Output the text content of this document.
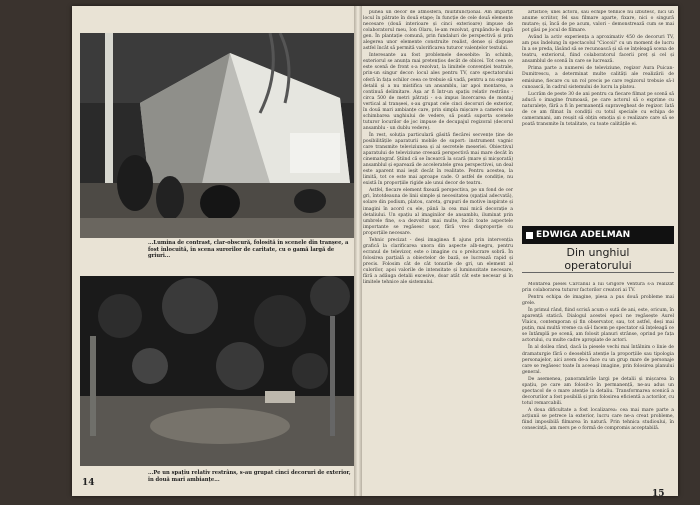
...Lumina de contrast, clar-obscură, folosită în scenele din tranșee, a fost înlocuită, în scena surorilor de caritate, cu o gamă largă de griuri...
...Pe un spațiu relativ restrâns, s-au grupat cinci decoruri de exterior, în două mari ambianțe...
14

punea un decor de atmosferă, multifuncțional. Am împărțit locul în pătrate în două etape; în funcție de cele două elemente necesare (două interioare și cinci exterioare) impuse de colaboratorul meu, Ion Olaru, le-am rezolvat, grupându-le după gen. În plantație comună, prin fundaluri de perspectivă și prin alegerea unor elemente construite realist, dense și dispuse astfel încât să permită valorificarea tuturor valențelor textului.

Interesante au fost problemele deosebite: în schimb, exteriorul se anunța mai pretențios decât de obicei. Tot ceea ce este scenă de front s-a rezolvat, la limitele convenției teatrale, prin-un singur decor: locul ales pentru TV, care spectatorului oferă în fața ochilor ceea ce trebuie să vadă, pentru a nu expune detalii și a nu mistifica un ansamblu, iar apoi montarea, a continuă delimitare. Așa ar fi într-un spațiu relativ restrâns - circa 500 de metri pătrați - s-a impus încercarea de montaj vertical al tranșeei, s-au grupat cele cinci decoruri de exterior, în două mari ambianțe care, prin simpla mișcare a camerei sau schimbarea unghiului de vedere, să poată suporta scenele tuturor locurilor de joc impuse de decupajul regizoral (decorul ansamblu - un dublu vedere).

În rest, soluția particulară găsită fiecărei secvențe ține de posibilitățile aparaturii mobile de suport: instrument vagnic care transmite televiziunea și al secretele meseriei. Obiectivul aparatului de televiziune creează perspectivă mai mare decât în cinematograf. Știind că se încearcă la scară (mare și micșorată) ansamblul și eparează de acceleratele grea perspectivei, un deal este aparent mai ieșit decât în realitate. Pentru acestea, la limită, tot ce este mai aproape cade. O astfel de condiție, nu există în proporțiile rigide ale unui decor de teatru.

Astfel, fiecare element fixează perspectiva, pe un fond de cer gri, întotdeauna de linii simple și necesitatea (spațial adecvată), solare din podium, platou, careta, grupuri de motive inspirate și imagini în acord cu ele, până la cea mai mică decorație a detaliului. Un spațiu al imaginilor de ansamblu, iluminat prin umbrele fine, s-a dezvoltat mai multe, încât toate aspectele importante se regăsesc ușor, fără vreo disproporție cu proporțiile necesare.

Tehnic precizat - deși imaginea fi ajuns prin intervenția grafică la clarificarea unora din aspecte alb-negru, pentru ecranul de televizor, este o imagine cu o prelucrare sobră. În folosirea parțială a obiectelor de bază, se lucrează rapid și precis. Folosim cât de cât tonurile de gri, un element al culorilor, apoi valorile de intensitate și luminozitate necesare, fără a adăuga detalii excesive, doar atât cât este necesar și în limitele tehnice ale sistemului.

artistice; unei actorii, sau echipe tehnice nu izbutesc, nici un anume scriitor, fel sau filmare aparte, fixare, nici o singură mutare; și, încă de pe acum, valori - demonstrează cum se mai pot găsi pe jocul de filmare.

Având la activ experiența a aproximativ 450 de decoruri TV, am pus îndelung în spectacolul "Ciocoii" cu un moment de lucru în a se preda, lăsând să se recunoască și să se înțeleagă scena de teatru, exteriorul, fiind colaboratorul facerii preț și cel și ansamblul de scenă în care se lucrează.

Prima parte a numerei de televiziune, regizor Aura Puican-Dumitrescu, a determinat multe calități ale realizării de emisiune, fiecare cu un rol precis pe care regizorul trebuie să-l cunoască, în cadrul sistemului de lucru la platou.

Lucrăm de peste 30 de ani pentru ca fiecare filmat pe scenă să aducă o imagine frumoasă, pe care actorul să o exprime cu naturalețe, fără a fi în permanență supravegheat de regizor. Iată de ce am filmat în condiții cu totul speciale cu echipa de cameramani, am reușit să obțin emoția și o realizare care să se poată transmite în totalitate, cu toate calitățile ei.

EDWIGA ADELMAN
Din unghiul
operatorului

Montarea piesei Carcanul a lui Grigore Ventura s-a realizat prin colaborarea tuturor factorilor creatori ai TV.

Pentru echipa de imagine, piesa a pus două probleme mai grele.

În primul rând, fiind scrisă acum o sută de ani, este, oricum, în aparență statică. Dialogul acestei epoci ne regăsește Aurel Vlaicu, contemporan și fin observator, sau, tot astfel, deși mai puțin, mai multă vreme ca să-l facem pe spectator să înțeleagă ce se întâmplă pe scenă, am folosit planuri strânse, oprind pe fața actorului, cu multe cadre apropiate de actori.

În al doilea rând, dacă la piesele vechi mai întâlnim o linie de dramaturgie fără o deosebită atenție la proporțiile sau tipologia personajelor, aici avem de-a face cu un grup mare de personaje care se regăsesc toate în aceeași imagine, prin folosirea planului general.

De asemenea, panoramările largi pe detalii și mișcarea în spațiu, pe care am folosit-o în permanență, ne-au adus un spectacol de o mare atenție la detaliu. Transformarea scenică a decorurilor a fost posibilă și prin folosirea eficientă a actorilor, cu totul remarcabili.

A doua dificultate a fost localizarea: cea mai mare parte a acțiunii se petrece la exterior, lucru care ne-a creat probleme, fiind imposibilă filmarea în natură. Prin tehnica studioului, în consecință, am mers pe o formă de compromis acceptabilă.

15
